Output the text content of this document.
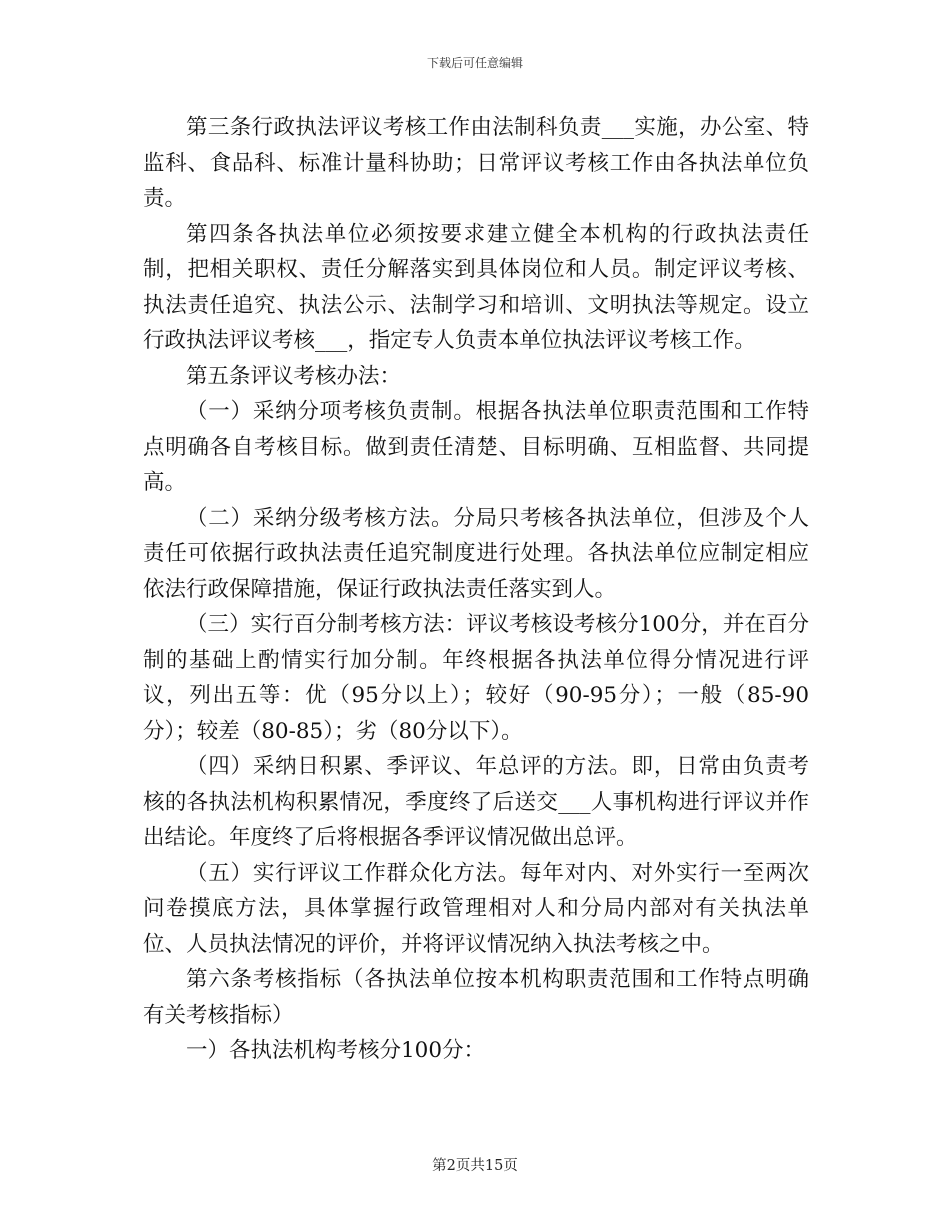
下载后可任意编辑

第三条行政执法评议考核工作由法制科负责___实施，办公室、特监科、食品科、标准计量科协助；日常评议考核工作由各执法单位负责。

第四条各执法单位必须按要求建立健全本机构的行政执法责任制，把相关职权、责任分解落实到具体岗位和人员。制定评议考核、执法责任追究、执法公示、法制学习和培训、文明执法等规定。设立行政执法评议考核___，指定专人负责本单位执法评议考核工作。

第五条评议考核办法：

（一）采纳分项考核负责制。根据各执法单位职责范围和工作特点明确各自考核目标。做到责任清楚、目标明确、互相监督、共同提高。

（二）采纳分级考核方法。分局只考核各执法单位，但涉及个人责任可依据行政执法责任追究制度进行处理。各执法单位应制定相应依法行政保障措施，保证行政执法责任落实到人。

（三）实行百分制考核方法：评议考核设考核分100分，并在百分制的基础上酌情实行加分制。年终根据各执法单位得分情况进行评议，列出五等：优（95分以上）；较好（90-95分）；一般（85-90分）；较差（80-85）；劣（80分以下）。

（四）采纳日积累、季评议、年总评的方法。即，日常由负责考核的各执法机构积累情况，季度终了后送交___人事机构进行评议并作出结论。年度终了后将根据各季评议情况做出总评。

（五）实行评议工作群众化方法。每年对内、对外实行一至两次问卷摸底方法，具体掌握行政管理相对人和分局内部对有关执法单位、人员执法情况的评价，并将评议情况纳入执法考核之中。

第六条考核指标（各执法单位按本机构职责范围和工作特点明确有关考核指标）

一）各执法机构考核分100分：

第2页共15页
